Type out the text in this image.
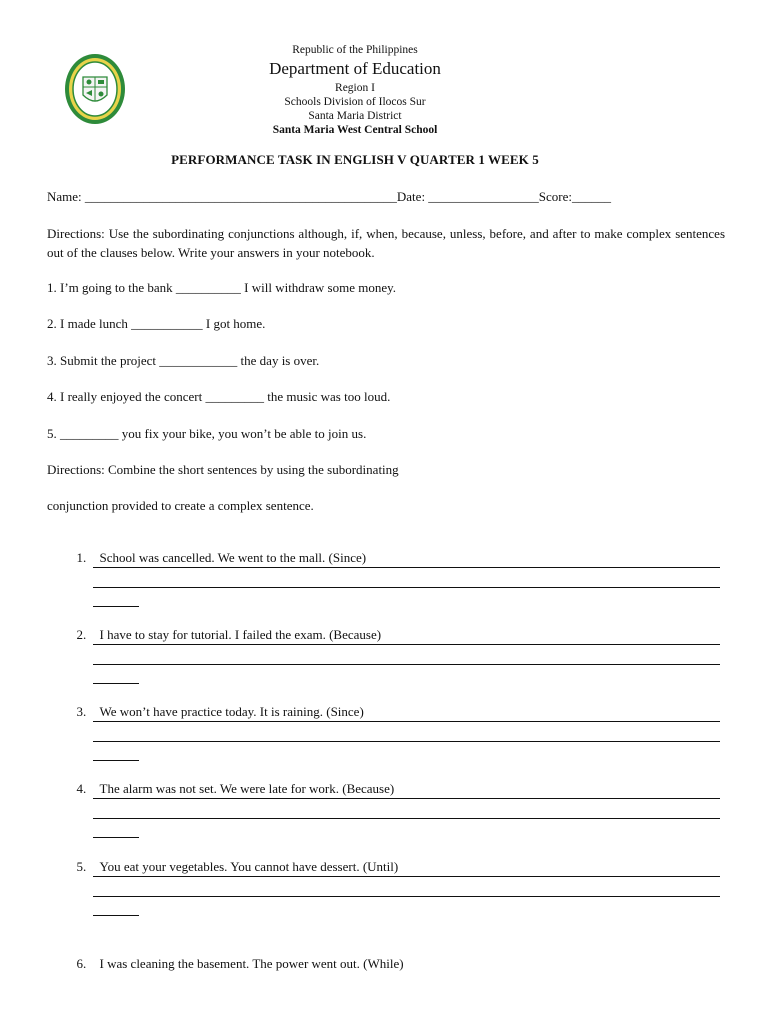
Republic of the Philippines
Department of Education
Region I
Schools Division of Ilocos Sur
Santa Maria District
Santa Maria West Central School
PERFORMANCE TASK IN ENGLISH V QUARTER 1 WEEK 5
Name: ________________________________________________Date: _________________Score:______
Directions: Use the subordinating conjunctions although, if, when, because, unless, before, and after to make complex sentences out of the clauses below. Write your answers in your notebook.
1. I’m going to the bank __________ I will withdraw some money.
2. I made lunch ___________ I got home.
3. Submit the project ____________ the day is over.
4. I really enjoyed the concert _________ the music was too loud.
5. _________ you fix your bike, you won’t be able to join us.
Directions: Combine the short sentences by using the subordinating
conjunction provided to create a complex sentence.

1. School was cancelled. We went to the mall. (Since)

2. I have to stay for tutorial. I failed the exam. (Because)

3. We won’t have practice today. It is raining. (Since)

4. The alarm was not set. We were late for work. (Because)

5. You eat your vegetables. You cannot have dessert. (Until)

6. I was cleaning the basement. The power went out. (While)
